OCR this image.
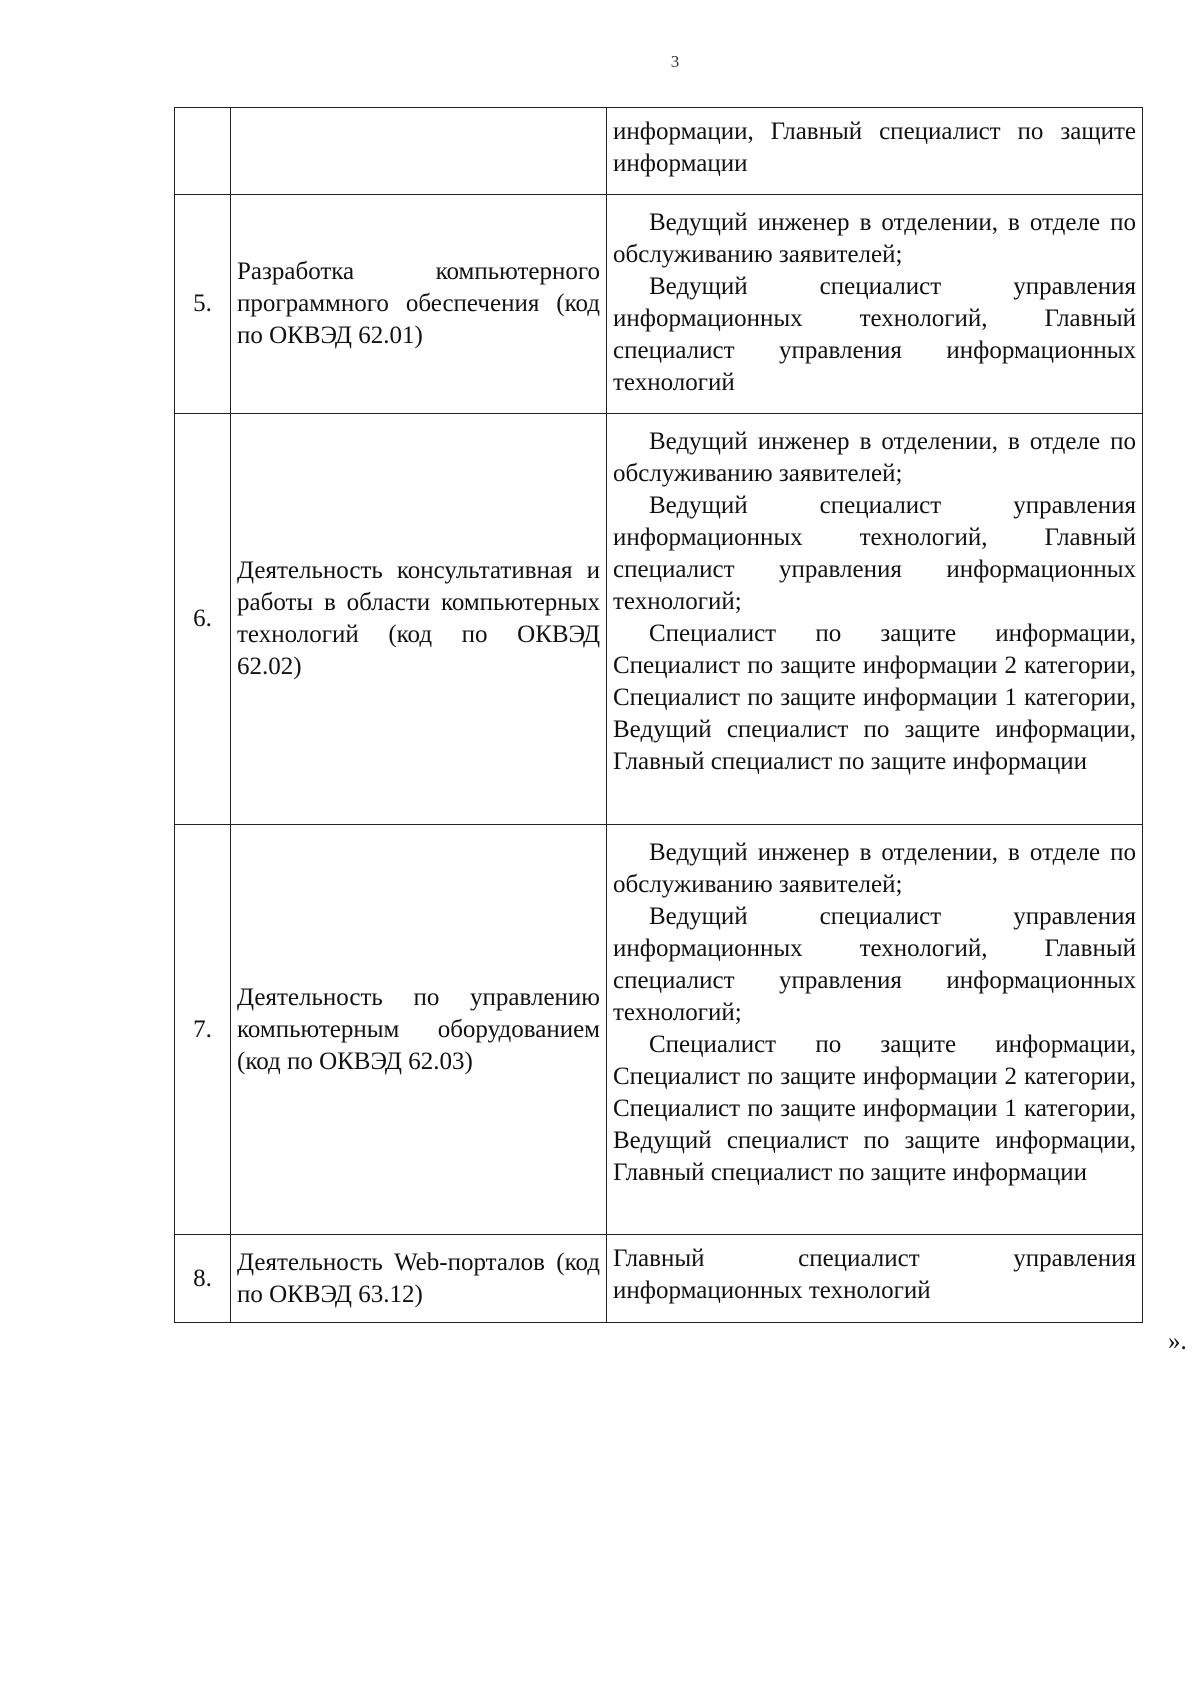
3

		информации, Главный специалист по защите информации

5.	Разработка компьютерного программного обеспечения (код по ОКВЭД 62.01)	Ведущий инженер в отделении, в отделе по обслуживанию заявителей;

Ведущий специалист управления информационных технологий, Главный специалист управления информационных технологий

6.	Деятельность консультативная и работы в области компьютерных технологий (код по ОКВЭД 62.02)	Ведущий инженер в отделении, в отделе по обслуживанию заявителей;

Ведущий специалист управления информационных технологий, Главный специалист управления информационных технологий;

Специалист по защите информации, Специалист по защите информации 2 категории, Специалист по защите информации 1 категории, Ведущий специалист по защите информации, Главный специалист по защите информации

7.	Деятельность по управлению компьютерным оборудованием (код по ОКВЭД 62.03)	Ведущий инженер в отделении, в отделе по обслуживанию заявителей;

Ведущий специалист управления информационных технологий, Главный специалист управления информационных технологий;

Специалист по защите информации, Специалист по защите информации 2 категории, Специалист по защите информации 1 категории, Ведущий специалист по защите информации, Главный специалист по защите информации

8.	Деятельность Web-порталов (код по ОКВЭД 63.12)	Главный специалист управления информационных технологий

».
